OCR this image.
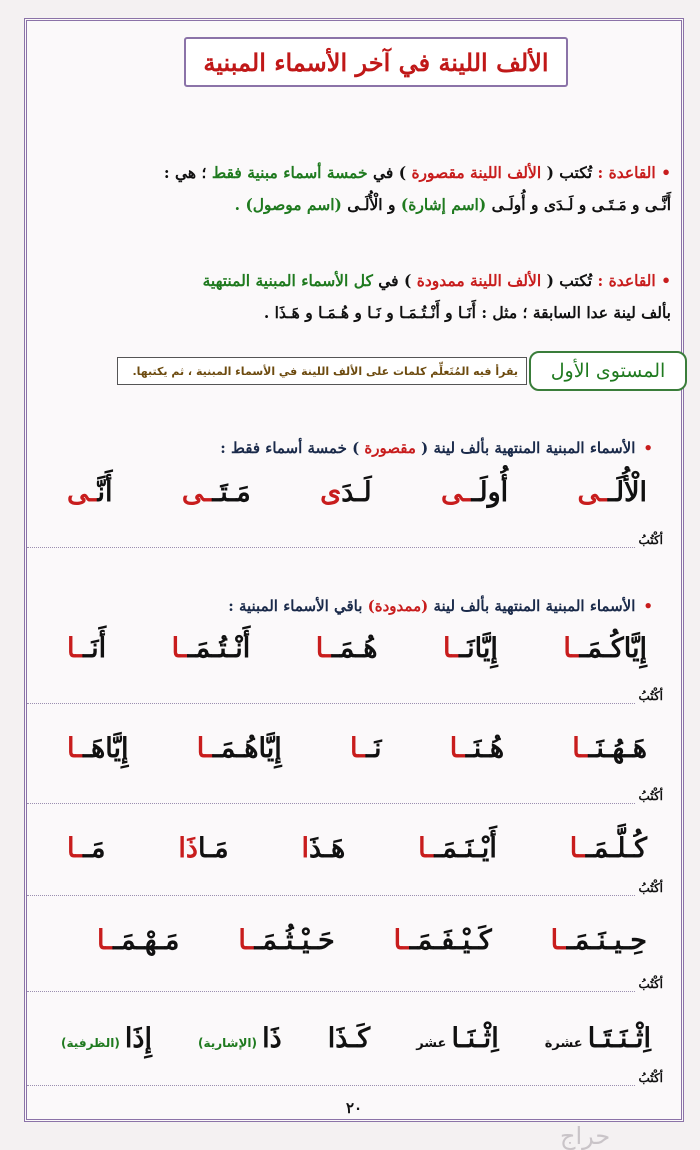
الألف اللينة في آخر الأسماء المبنية
• القاعدة : تُكتب ( الألف اللينة مقصورة ) في خمسة أسماء مبنية فقط ؛ هي :
أَنَّـى و مَـتَـى و لَـدَى و أُولَـى (اسم إشارة) و الْأُلَـى (اسم موصول) .
• القاعدة : تُكتب ( الألف اللينة ممدودة ) في كل الأسماء المبنية المنتهية
بألف لينة عدا السابقة ؛ مثل : أَنَـا و أَنْـتُـمَـا و نَـا و هُـمَـا و هَـذَا .
المستوى الأول
يقرأ فيه المُتَعلِّم كلمات على الألف اللينة في الأسماء المبنية ، ثم يكتبها.
•الأسماء المبنية المنتهية بألف لينة ( مقصورة ) خمسة أسماء فقط :
أَنَّـى	مَـتَــى	لَـدَى	أُولَــى	الْأُلَــى
أكْتُبُ
•الأسماء المبنية المنتهية بألف لينة (ممدودة) باقي الأسماء المبنية :
أَنَــا	أَنْـتُـمَــا	هُـمَــا	إِيَّانَــا	إِيَّاكُـمَــا
أكْتُبُ
إِيَّاهَــا	إِيَّاهُـمَــا	نَــا	هُـنَــا	هَـهُـنَــا
أكْتُبُ
مَــا	مَـاذَا	هَـذَا	أَيْـنَـمَــا	كُـلَّـمَــا
أكْتُبُ
مَـهْـمَــا	حَـيْـثُـمَــا	كَـيْـفَـمَــا	حِـيـنَـمَــا
أكْتُبُ
إِذَا (الظرفية)	ذَا (الإشارية)	كَـذَا	اِثْـنَـا عشر	اِثْـنَـتَـا عشرة
أكْتُبُ
٢٠
حراج
